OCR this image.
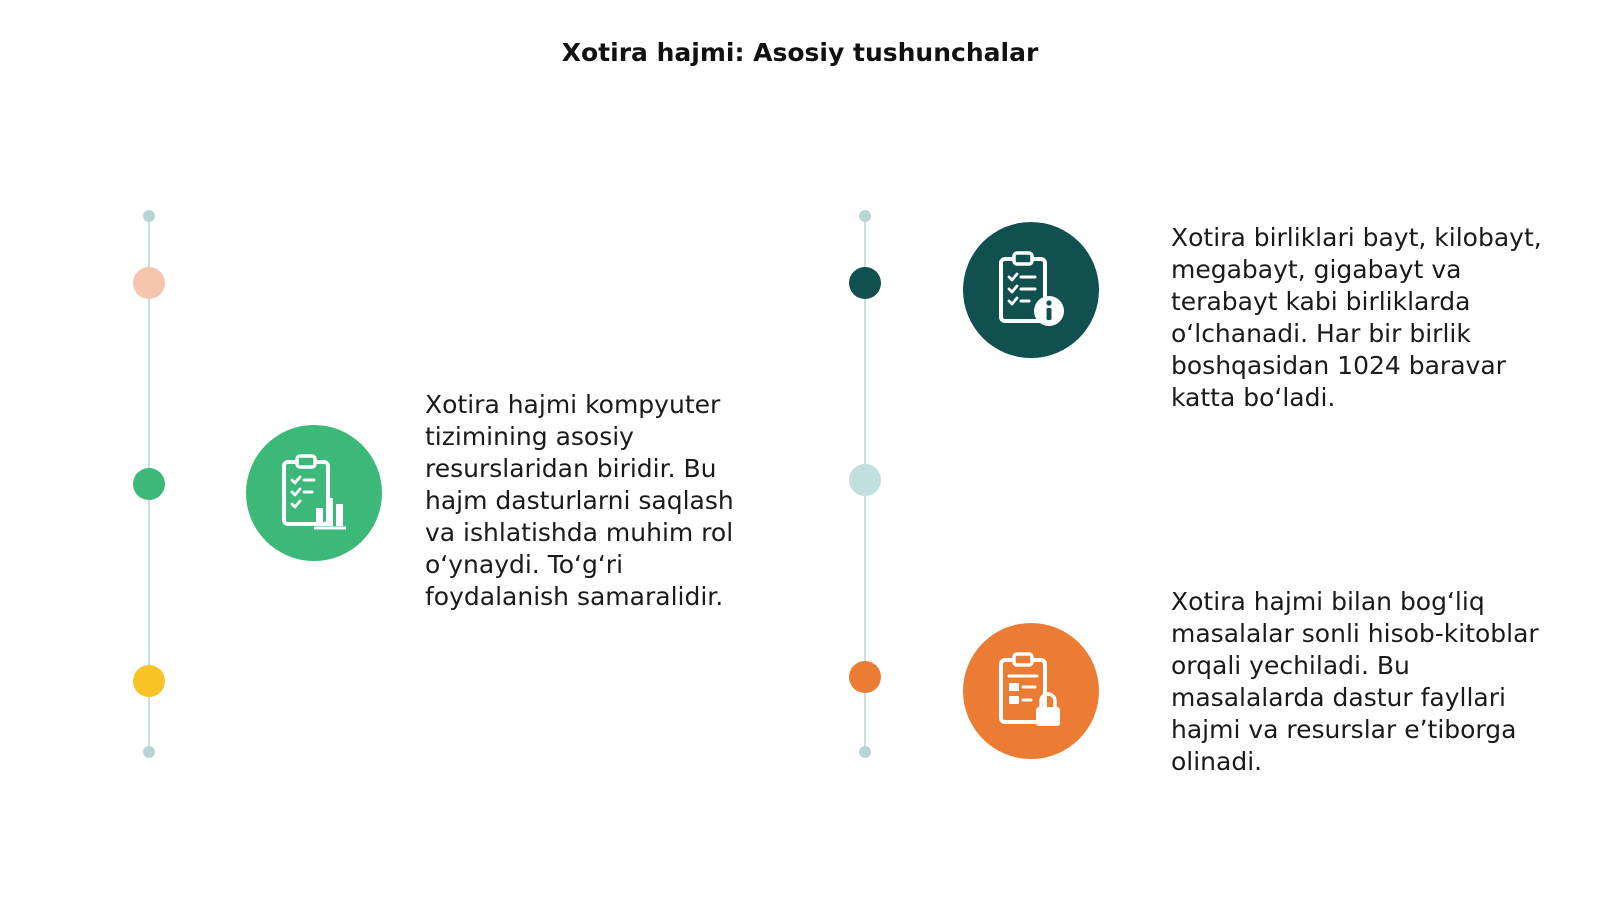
Xotira hajmi: Asosiy tushunchalar

Xotira hajmi kompyuter tizimining asosiy resurslaridan biridir. Bu hajm dasturlarni saqlash va ishlatishda muhim rol oʻynaydi. Toʻgʻri foydalanish samaralidir.

Xotira birliklari bayt, kilobayt, megabayt, gigabayt va terabayt kabi birliklarda oʻlchanadi. Har bir birlik boshqasidan 1024 baravar katta boʻladi.

Xotira hajmi bilan bogʻliq masalalar sonli hisob-kitoblar orqali yechiladi. Bu masalalarda dastur fayllari hajmi va resurslar eʼtiborga olinadi.
